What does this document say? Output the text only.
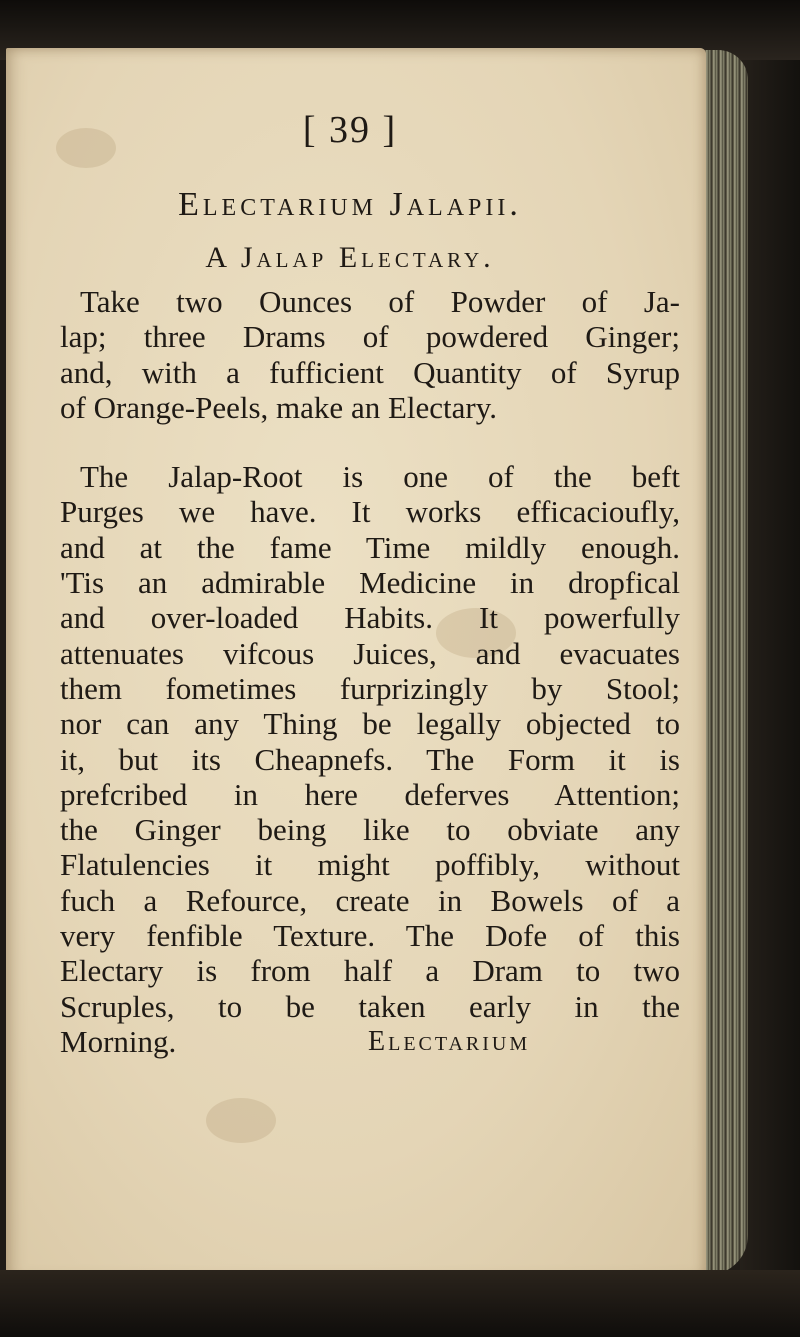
[ 39 ]
Electarium Jalapii.
A Jalap Electary.
Take two Ounces of Powder of Ja-
lap; three Drams of powdered Ginger;
and, with a fufficient Quantity of Syrup
of Orange-Peels, make an Electary.
The Jalap-Root is one of the beft
Purges we have. It works efficacioufly,
and at the fame Time mildly enough.
'Tis an admirable Medicine in dropfical
and over-loaded Habits. It powerfully
attenuates vifcous Juices, and evacuates
them fometimes furprizingly by Stool;
nor can any Thing be legally objected to
it, but its Cheapnefs. The Form it is
prefcribed in here deferves Attention;
the Ginger being like to obviate any
Flatulencies it might poffibly, without
fuch a Refource, create in Bowels of a
very fenfible Texture. The Dofe of this
Electary is from half a Dram to two
Scruples, to be taken early in the
Morning.	Electarium
